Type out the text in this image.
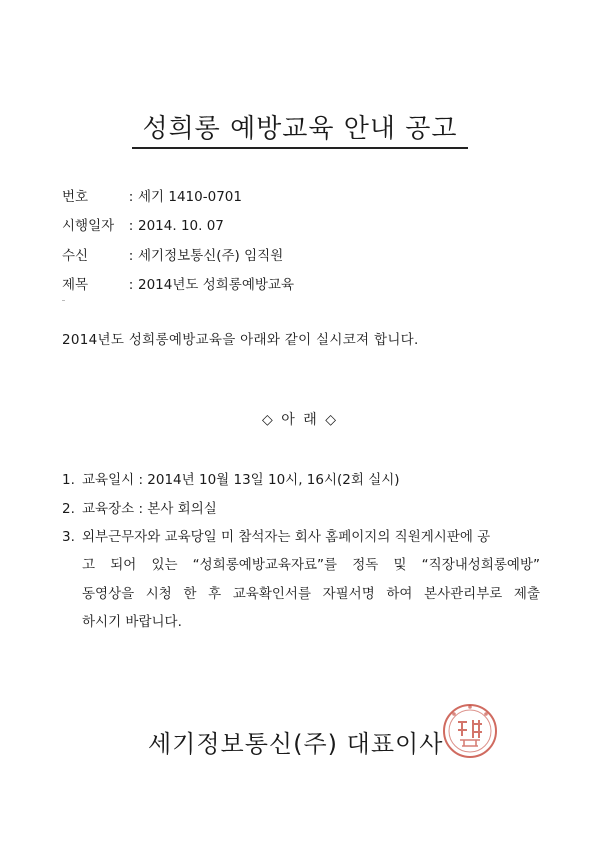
성희롱 예방교육 안내 공고
번호	: 세기 1410-0701
시행일자 : 2014. 10. 07
수신	: 세기정보통신(주) 임직원
제목	: 2014년도 성희롱예방교육
2014년도 성희롱예방교육을 아래와 같이 실시코져 합니다.
◇ 아 래 ◇
1. 교육일시 : 2014년 10월 13일 10시, 16시(2회 실시)
2. 교육장소 : 본사 회의실
3. 외부근무자와 교육당일 미 참석자는 회사 홈페이지의 직원게시판에 공
고 되어 있는 “성희롱예방교육자료”를 정독 및 “직장내성희롱예방”
동영상을 시청 한 후 교육확인서를 자필서명 하여 본사관리부로 제출
하시기 바랍니다.
세기정보통신(주) 대표이사
